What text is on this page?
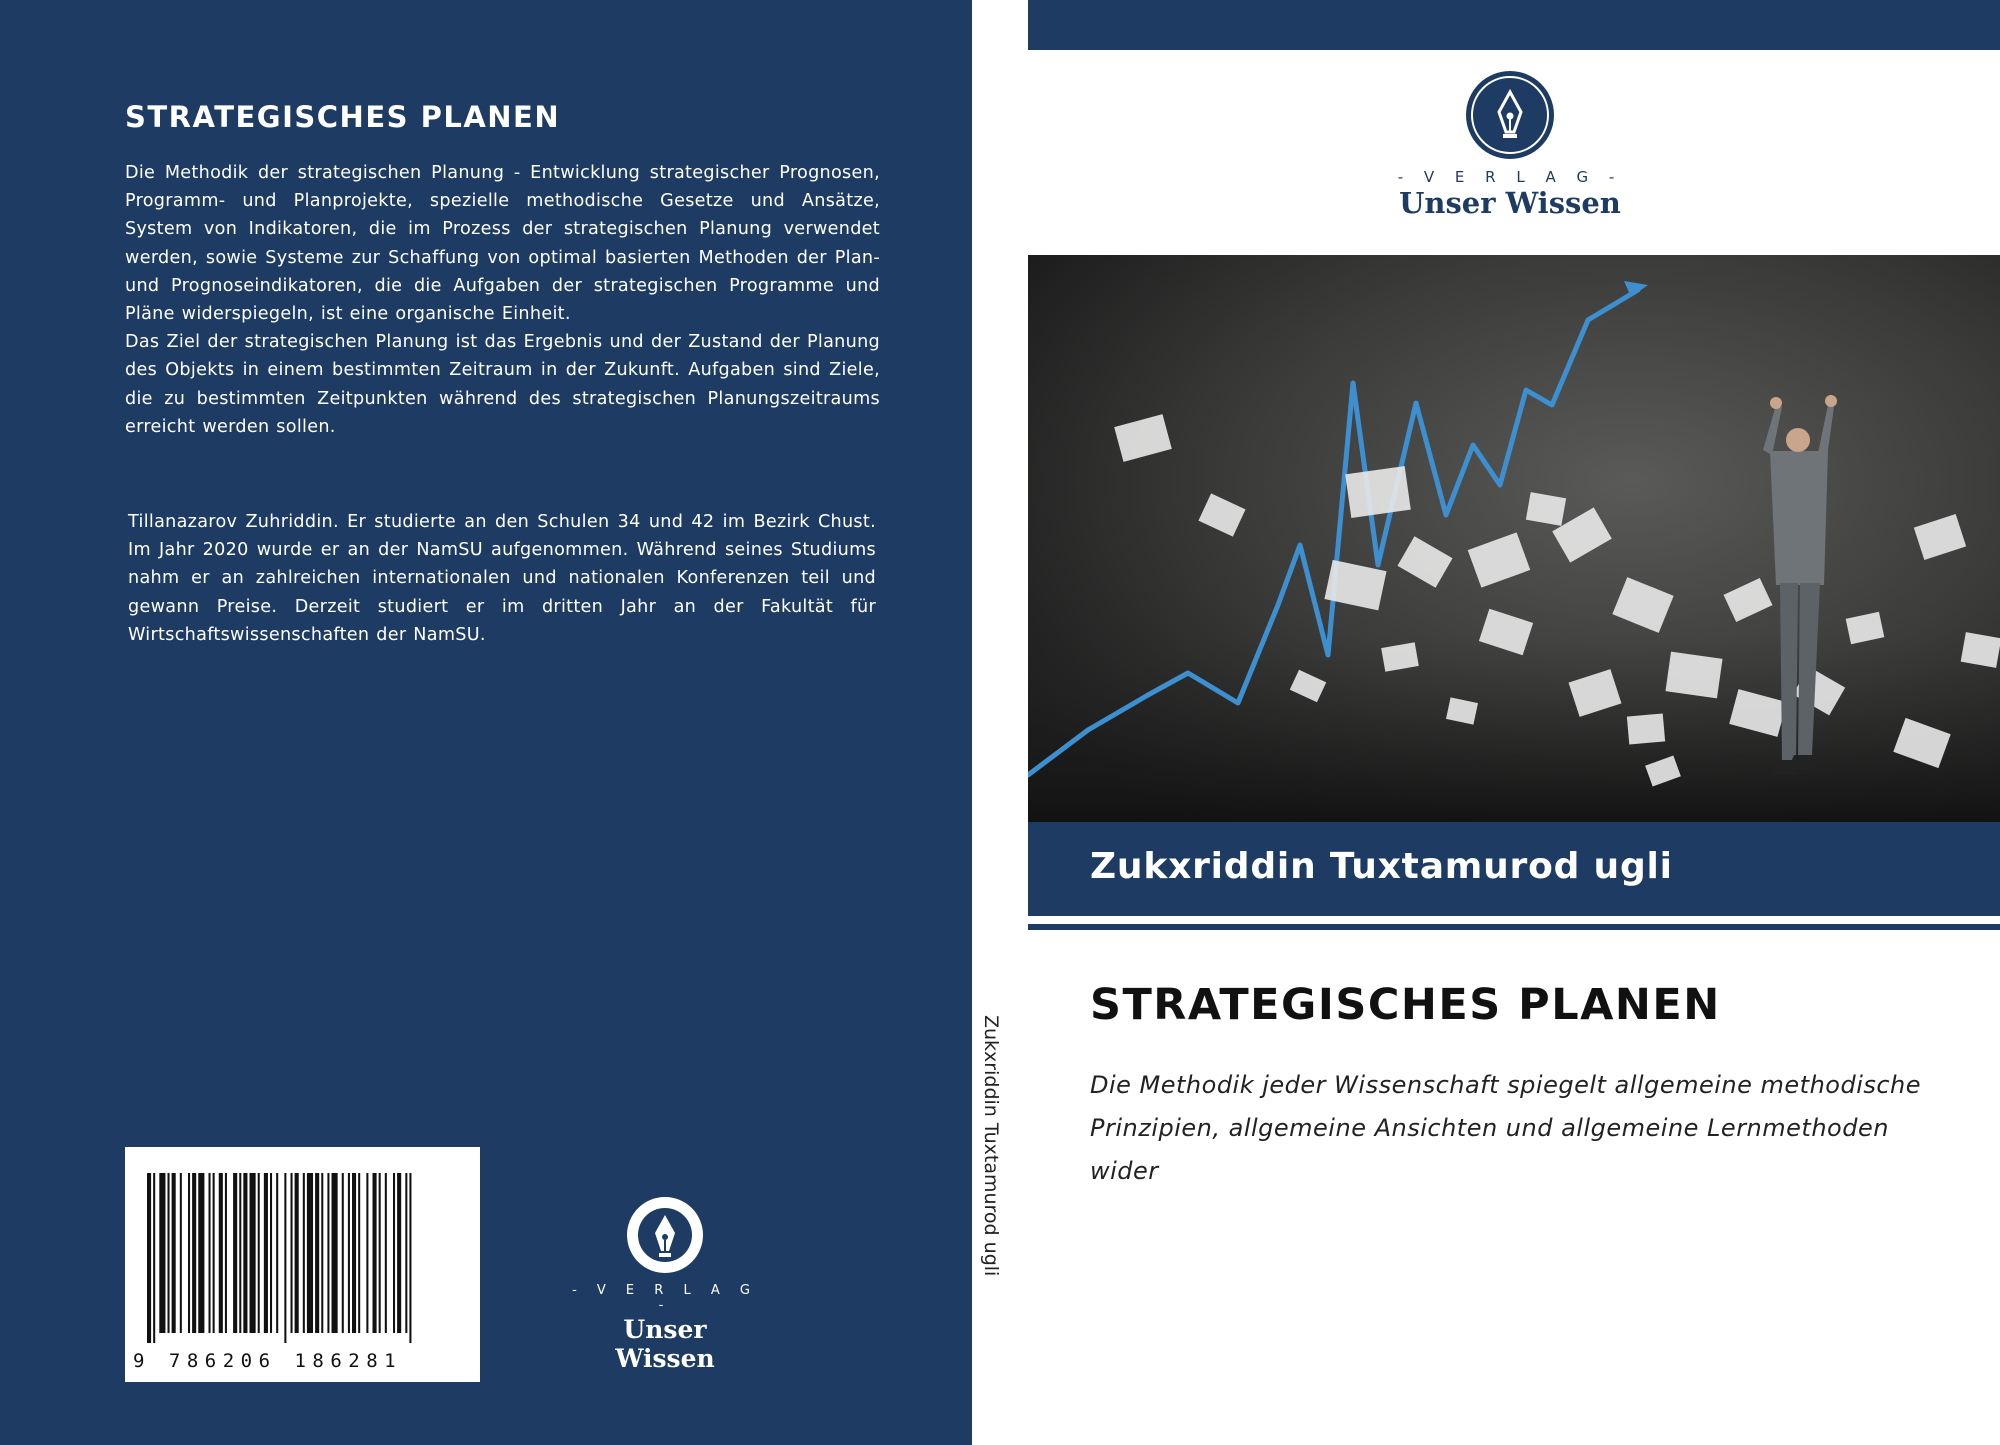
STRATEGISCHES PLANEN

Die Methodik der strategischen Planung - Entwicklung strategischer Prognosen, Programm- und Planprojekte, spezielle methodische Gesetze und Ansätze, System von Indikatoren, die im Prozess der strategischen Planung verwendet werden, sowie Systeme zur Schaffung von optimal basierten Methoden der Plan- und Prognoseindikatoren, die die Aufgaben der strategischen Programme und Pläne widerspiegeln, ist eine organische Einheit.

Das Ziel der strategischen Planung ist das Ergebnis und der Zustand der Planung des Objekts in einem bestimmten Zeitraum in der Zukunft. Aufgaben sind Ziele, die zu bestimmten Zeitpunkten während des strategischen Planungszeitraums erreicht werden sollen.

Tillanazarov Zuhriddin. Er studierte an den Schulen 34 und 42 im Bezirk Chust. Im Jahr 2020 wurde er an der NamSU aufgenommen. Während seines Studiums nahm er an zahlreichen internationalen und nationalen Konferenzen teil und gewann Preise. Derzeit studiert er im dritten Jahr an der Fakultät für Wirtschaftswissenschaften der NamSU.

9 786206 186281
- V E R L A G -
Unser Wissen
Zukxriddin Tuxtamurod ugli
- V E R L A G -
Unser Wissen
Zukxriddin Tuxtamurod ugli
STRATEGISCHES PLANEN
Die Methodik jeder Wissenschaft spiegelt allgemeine methodische Prinzipien, allgemeine Ansichten und allgemeine Lernmethoden wider
